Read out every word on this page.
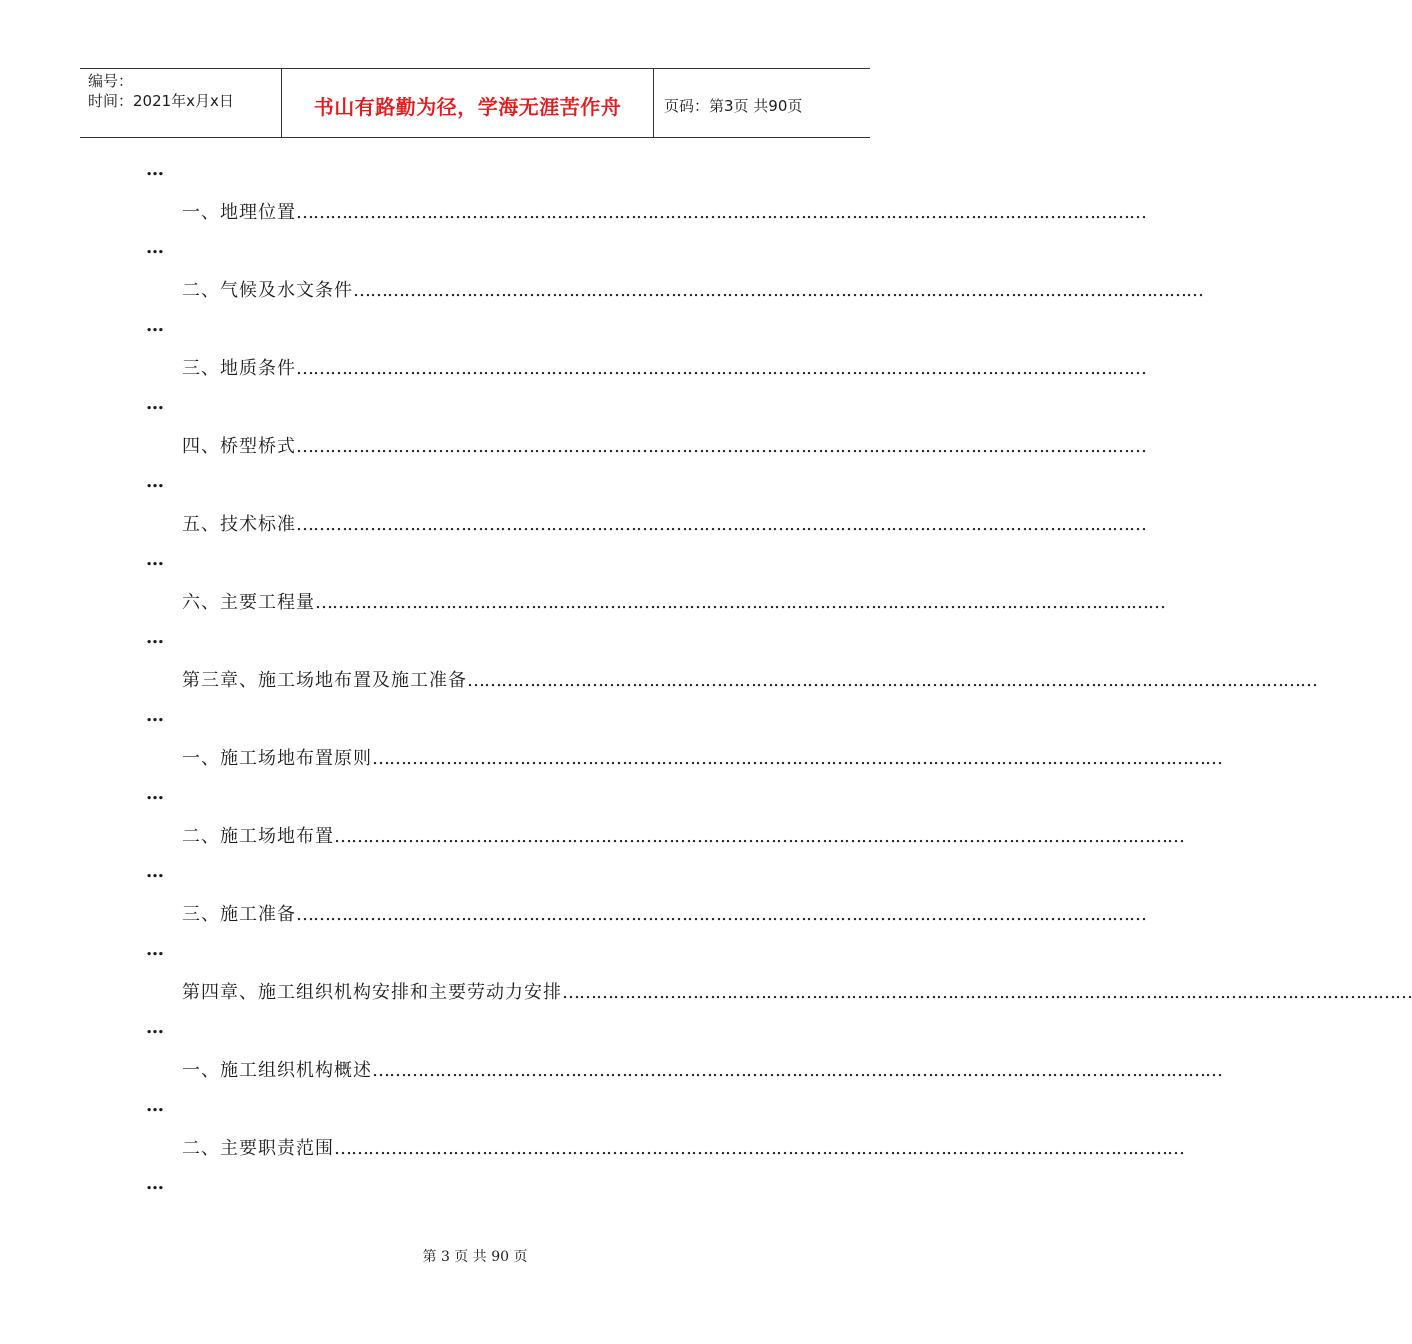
编号：
时间：2021年x月x日	书山有路勤为径，学海无涯苦作舟	页码：第3页 共90页
…
一、地理位置 ……………………………………………………………………………………………………………………………………
…
二、气候及水文条件 ……………………………………………………………………………………………………………………………………
…
三、地质条件 ……………………………………………………………………………………………………………………………………
…
四、桥型桥式 ……………………………………………………………………………………………………………………………………
…
五、技术标准 ……………………………………………………………………………………………………………………………………
…
六、主要工程量 ……………………………………………………………………………………………………………………………………
…
第三章、施工场地布置及施工准备 ……………………………………………………………………………………………………………………………………
…
一、施工场地布置原则 ……………………………………………………………………………………………………………………………………
…
二、施工场地布置 ……………………………………………………………………………………………………………………………………
…
三、施工准备 ……………………………………………………………………………………………………………………………………
…
第四章、施工组织机构安排和主要劳动力安排 ……………………………………………………………………………………………………………………………………
…
一、施工组织机构概述 ……………………………………………………………………………………………………………………………………
…
二、主要职责范围 ……………………………………………………………………………………………………………………………………
…
第 3 页 共 90 页
